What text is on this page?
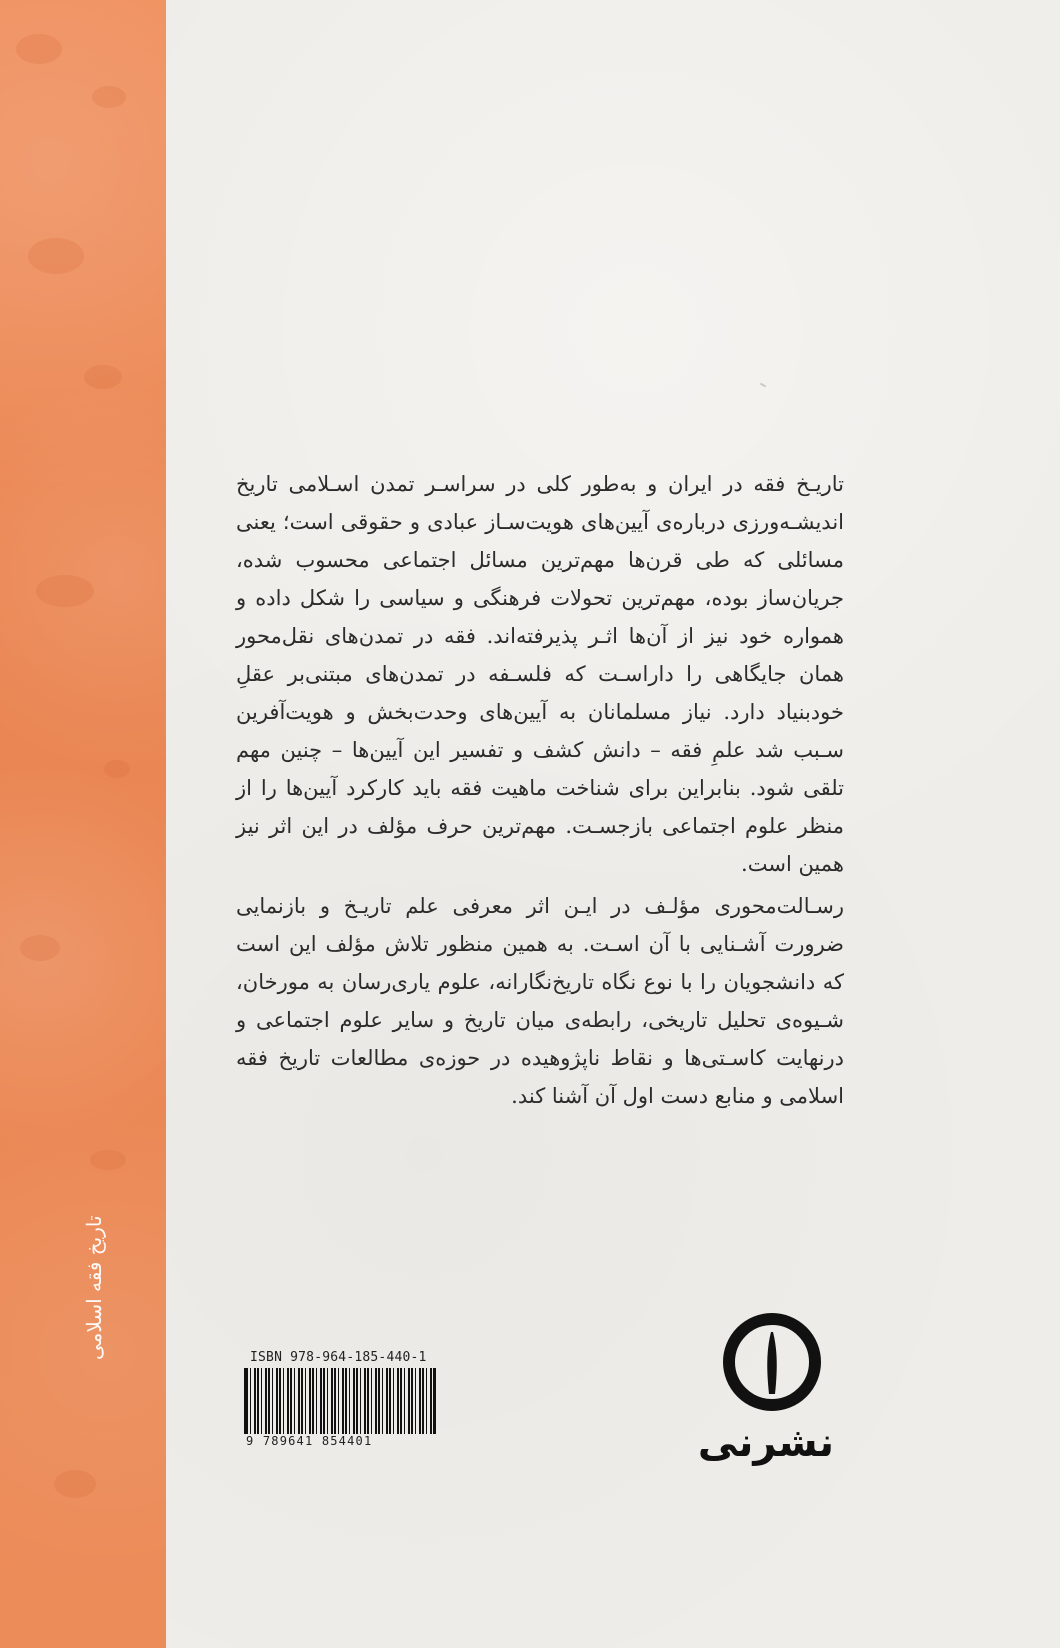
تاریخ فقه اسلامی

تاریـخ فقه در ایران و به‌طور کلی در سراسـر تمدن اسـلامی تاریخ اندیشـه‌ورزی درباره‌ی آیین‌های هویت‌سـاز عبادی و حقوقی است؛ یعنی مسائلی که طی قرن‌ها مهم‌ترین مسائل اجتماعی محسوب شده، جریان‌ساز بوده، مهم‌ترین تحولات فرهنگی و سیاسی را شکل داده و همواره خود نیز از آن‌ها اثـر پذیرفته‌اند. فقه در تمدن‌های نقل‌محور همان جایگاهی را داراسـت که فلسـفه در تمدن‌های مبتنی‌بر عقلِ خودبنیاد دارد. نیاز مسلمانان به آیین‌های وحدت‌بخش و هویت‌آفرین سـبب شد علمِ فقه – دانش کشف و تفسیر این آیین‌ها – چنین مهم تلقی شود. بنابراین برای شناخت ماهیت فقه باید کارکرد آیین‌ها را از منظر علوم اجتماعی بازجسـت. مهم‌ترین حرف مؤلف در این اثر نیز همین است.

رسـالت‌محوری مؤلـف در ایـن اثر معرفی علم تاریـخ و بازنمایی ضرورت آشـنایی با آن اسـت. به همین منظور تلاش مؤلف این است که دانشجویان را با نوع نگاه تاریخ‌نگارانه، علوم یاری‌رسان به مورخان، شـیوه‌ی تحلیل تاریخی، رابطه‌ی میان تاریخ و سایر علوم اجتماعی و درنهایت کاسـتی‌ها و نقاط ناپژوهیده در حوزه‌ی مطالعات تاریخ فقه اسلامی و منابع دست اول آن آشنا کند.

ISBN 978-964-185-440-1
9 789641 854401	نشرنی
